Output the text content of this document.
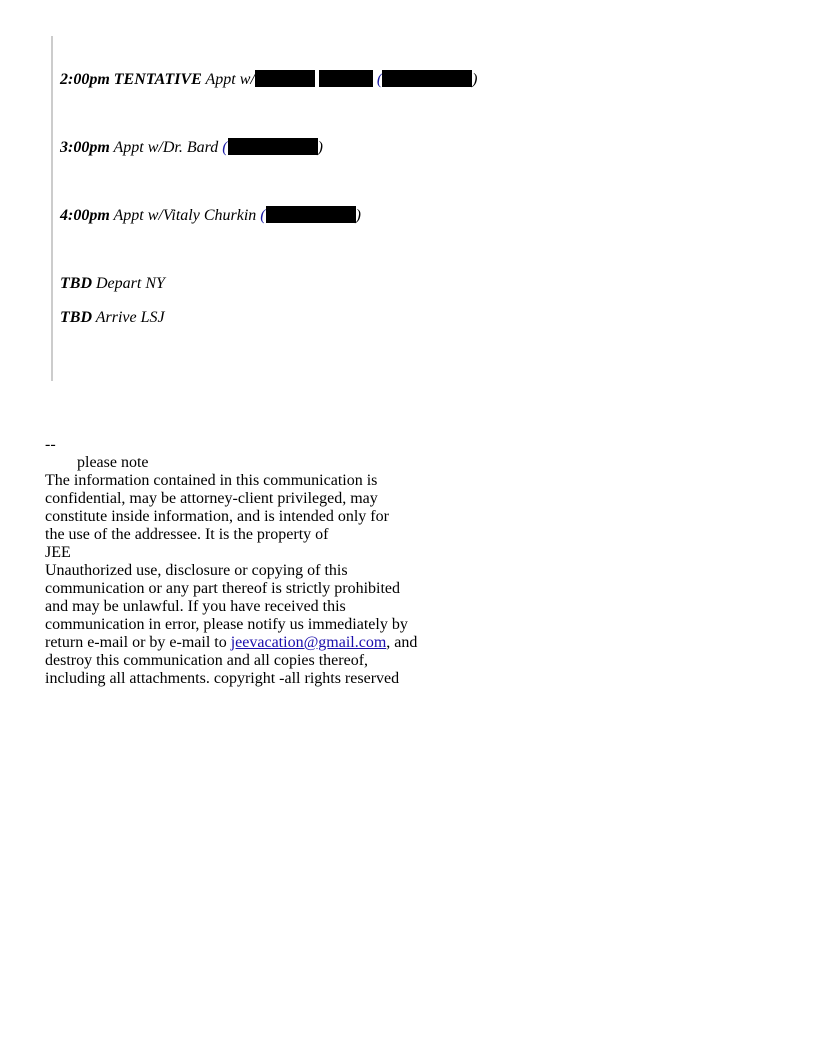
2:00pm TENTATIVE Appt w/	(	)
3:00pm Appt w/Dr. Bard (	)
4:00pm Appt w/Vitaly Churkin (	)
TBD Depart NY
TBD Arrive LSJ
--
please note
The information contained in this communication is
confidential, may be attorney-client privileged, may
constitute inside information, and is intended only for
the use of the addressee. It is the property of
JEE
Unauthorized use, disclosure or copying of this
communication or any part thereof is strictly prohibited
and may be unlawful. If you have received this
communication in error, please notify us immediately by
return e-mail or by e-mail to jeevacation@gmail.com, and
destroy this communication and all copies thereof,
including all attachments. copyright -all rights reserved
